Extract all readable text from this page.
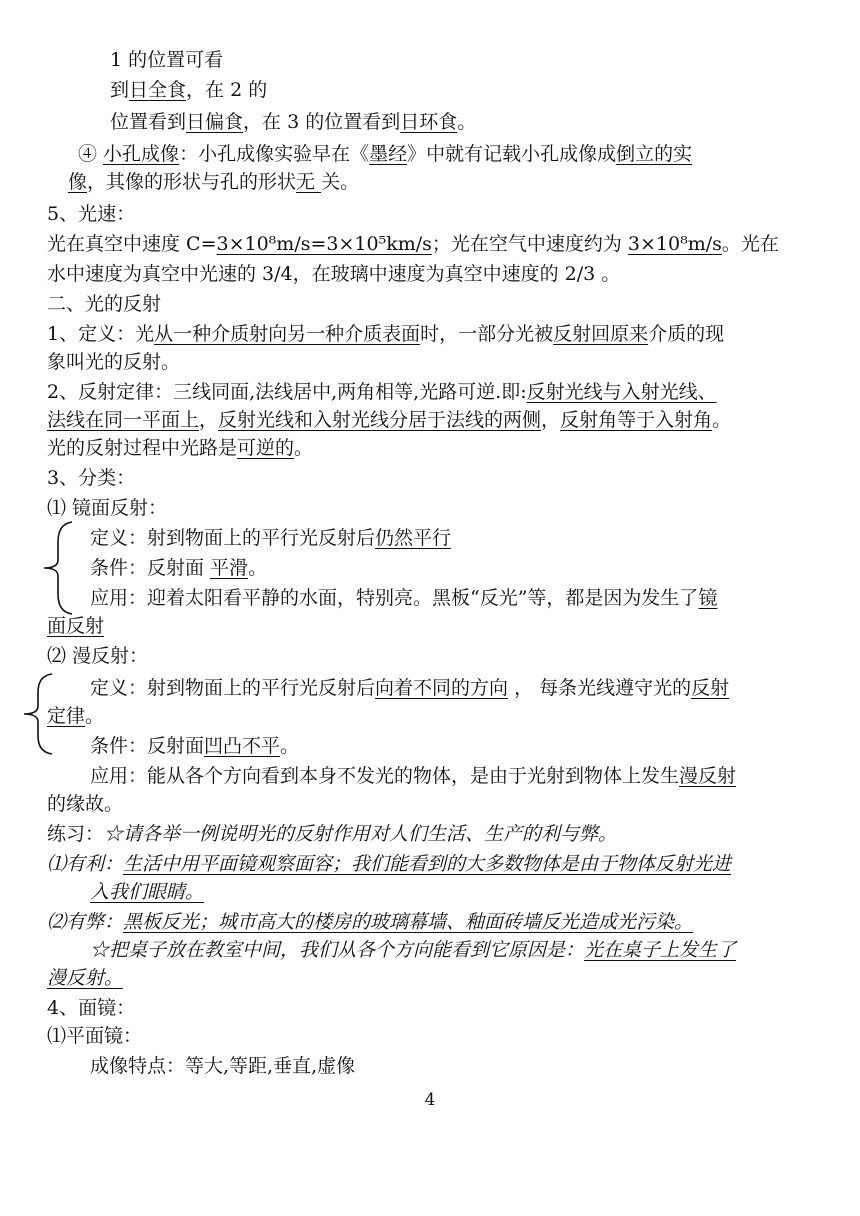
1 的位置可看
到日全食，在 2 的
位置看到日偏食，在 3 的位置看到日环食。
④ 小孔成像：小孔成像实验早在《墨经》中就有记载小孔成像成倒立的实
像，其像的形状与孔的形状无 关。
5、光速：
光在真空中速度 C=3×10⁸m/s=3×10⁵km/s；光在空气中速度约为 3×10⁸m/s。光在
水中速度为真空中光速的 3/4，在玻璃中速度为真空中速度的 2/3 。
二、光的反射
1、定义：光从一种介质射向另一种介质表面时，一部分光被反射回原来介质的现
象叫光的反射。
2、反射定律：三线同面,法线居中,两角相等,光路可逆.即:反射光线与入射光线、
法线在同一平面上，反射光线和入射光线分居于法线的两侧，反射角等于入射角。
光的反射过程中光路是可逆的。
3、分类：
⑴ 镜面反射：
定义：射到物面上的平行光反射后仍然平行
条件：反射面 平滑。
应用：迎着太阳看平静的水面，特别亮。黑板“反光”等，都是因为发生了镜
面反射
⑵ 漫反射：
定义：射到物面上的平行光反射后向着不同的方向 ， 每条光线遵守光的反射
定律。
条件：反射面凹凸不平。
应用：能从各个方向看到本身不发光的物体，是由于光射到物体上发生漫反射
的缘故。
练习：☆请各举一例说明光的反射作用对人们生活、生产的利与弊。
⑴有利：生活中用平面镜观察面容；我们能看到的大多数物体是由于物体反射光进
入我们眼睛。
⑵有弊：黑板反光；城市高大的楼房的玻璃幕墙、釉面砖墙反光造成光污染。
☆把桌子放在教室中间，我们从各个方向能看到它原因是：光在桌子上发生了
漫反射。
4、面镜：
⑴平面镜：
成像特点：等大,等距,垂直,虚像
4
